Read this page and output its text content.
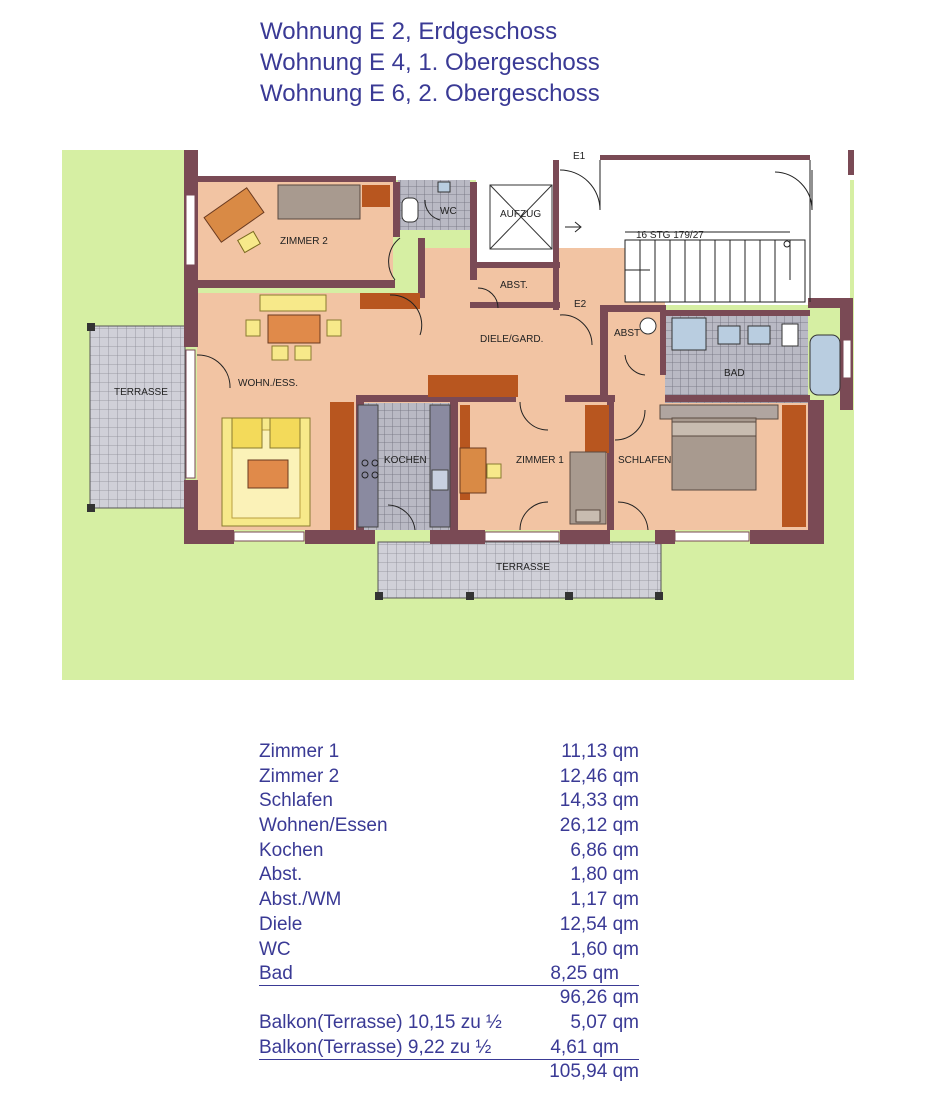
Wohnung E 2, Erdgeschoss
Wohnung E 4, 1. Obergeschoss
Wohnung E 6, 2. Obergeschoss
E1
E2
16 STG 179/27
ZIMMER 2
WC	AUFZUG
ABST.
ABST
DIELE/GARD.
WOHN./ESS.
BAD
TERRASSE
KOCHEN	ZIMMER 1	SCHLAFEN
TERRASSE
Zimmer 1	11,13 qm
Zimmer 2	12,46 qm
Schlafen	14,33 qm
Wohnen/Essen	26,12 qm
Kochen	6,86 qm
Abst.	1,80 qm
Abst./WM	1,17 qm
Diele	12,54 qm
WC	1,60 qm
Bad	8,25 qm
96,26 qm
Balkon(Terrasse) 10,15 zu ½	5,07 qm
Balkon(Terrasse) 9,22 zu ½	4,61 qm
105,94 qm
